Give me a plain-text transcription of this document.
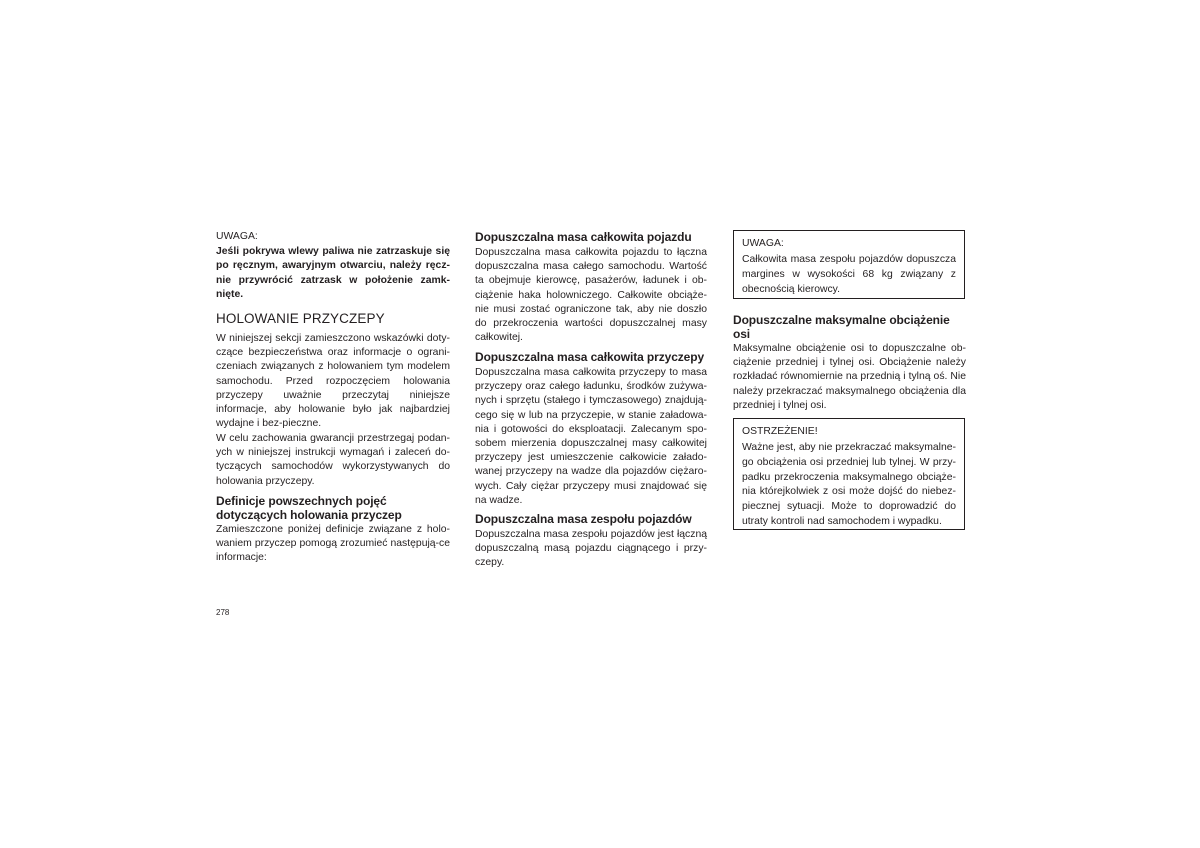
UWAGA:

Jeśli pokrywa wlewy paliwa nie zatrzaskuje się po ręcznym, awaryjnym otwarciu, należy ręcz-nie przywrócić zatrzask w położenie zamk-nięte.

HOLOWANIE PRZYCZEPY

W niniejszej sekcji zamieszczono wskazówki doty-czące bezpieczeństwa oraz informacje o ograni-czeniach związanych z holowaniem tym modelem samochodu. Przed rozpoczęciem holowania przyczepy uważnie przeczytaj niniejsze informacje, aby holowanie było jak najbardziej wydajne i bez-pieczne.

W celu zachowania gwarancji przestrzegaj podan-ych w niniejszej instrukcji wymagań i zaleceń do-tyczących samochodów wykorzystywanych do holowania przyczepy.

Definicje powszechnych pojęć dotyczących holowania przyczep

Zamieszczone poniżej definicje związane z holo-waniem przyczep pomogą zrozumieć następują-ce informacje:

Dopuszczalna masa całkowita pojazdu

Dopuszczalna masa całkowita pojazdu to łączna dopuszczalna masa całego samochodu. Wartość ta obejmuje kierowcę, pasażerów, ładunek i ob-ciążenie haka holowniczego. Całkowite obciąże-nie musi zostać ograniczone tak, aby nie doszło do przekroczenia wartości dopuszczalnej masy całkowitej.

Dopuszczalna masa całkowita przyczepy

Dopuszczalna masa całkowita przyczepy to masa przyczepy oraz całego ładunku, środków zużywa-nych i sprzętu (stałego i tymczasowego) znajdują-cego się w lub na przyczepie, w stanie załadowa-nia i gotowości do eksploatacji. Zalecanym spo-sobem mierzenia dopuszczalnej masy całkowitej przyczepy jest umieszczenie całkowicie załado-wanej przyczepy na wadze dla pojazdów ciężaro-wych. Cały ciężar przyczepy musi znajdować się na wadze.

Dopuszczalna masa zespołu pojazdów

Dopuszczalna masa zespołu pojazdów jest łączną dopuszczalną masą pojazdu ciągnącego i przy-czepy.

UWAGA:

Całkowita masa zespołu pojazdów dopuszcza margines w wysokości 68 kg związany z obecnością kierowcy.

Dopuszczalne maksymalne obciążenie osi

Maksymalne obciążenie osi to dopuszczalne ob-ciążenie przedniej i tylnej osi. Obciążenie należy rozkładać równomiernie na przednią i tylną oś. Nie należy przekraczać maksymalnego obciążenia dla przedniej i tylnej osi.

OSTRZEŻENIE!

Ważne jest, aby nie przekraczać maksymalne-go obciążenia osi przedniej lub tylnej. W przy-padku przekroczenia maksymalnego obciąże-nia którejkolwiek z osi może dojść do niebez-piecznej sytuacji. Może to doprowadzić do utraty kontroli nad samochodem i wypadku.

278
